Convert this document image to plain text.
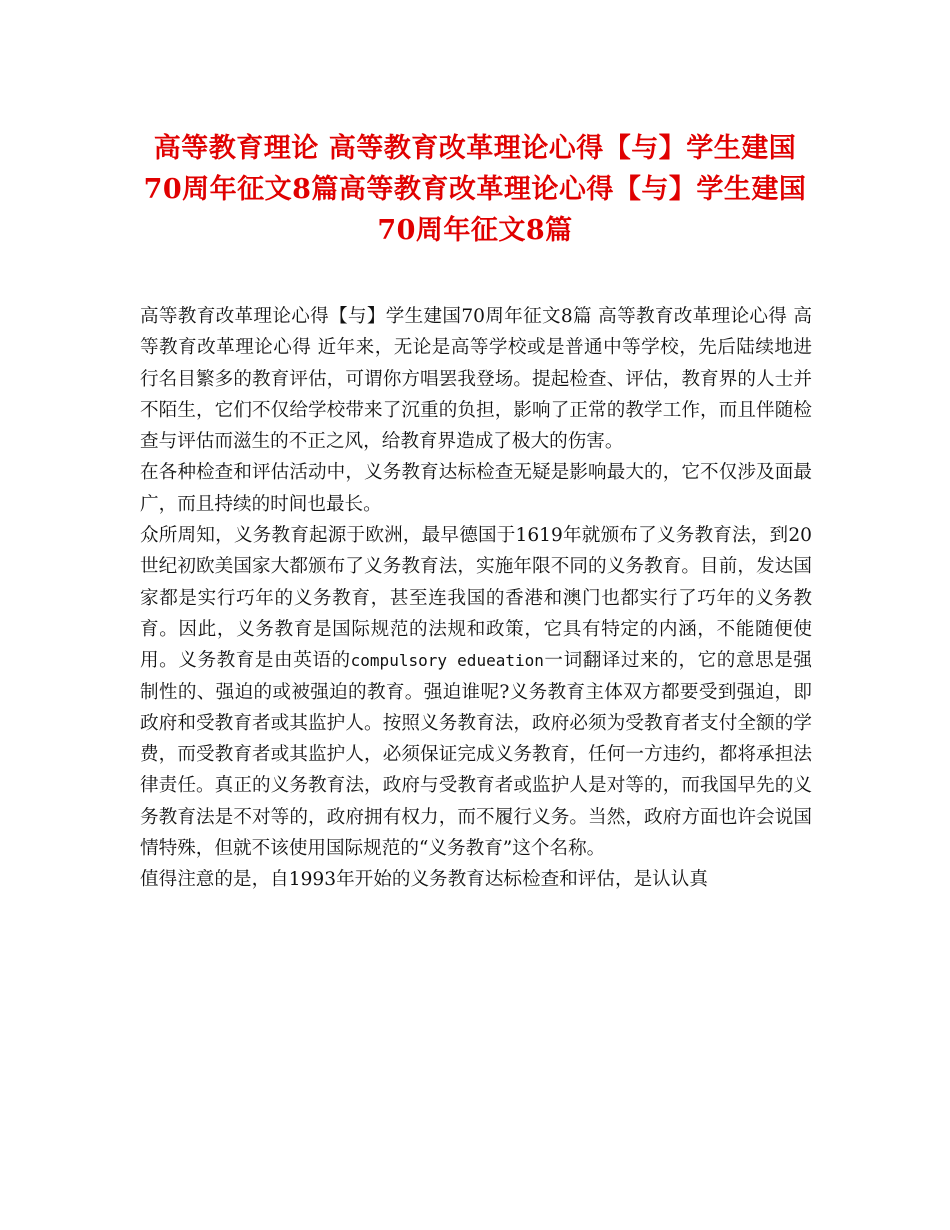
高等教育理论 高等教育改革理论心得【与】学生建国70周年征文8篇高等教育改革理论心得【与】学生建国70周年征文8篇

高等教育改革理论心得【与】学生建国70周年征文8篇 高等教育改革理论心得 高等教育改革理论心得 近年来，无论是高等学校或是普通中等学校，先后陆续地进行名目繁多的教育评估，可谓你方唱罢我登场。提起检查、评估，教育界的人士并不陌生，它们不仅给学校带来了沉重的负担，影响了正常的教学工作，而且伴随检查与评估而滋生的不正之风，给教育界造成了极大的伤害。

在各种检查和评估活动中，义务教育达标检查无疑是影响最大的，它不仅涉及面最广，而且持续的时间也最长。

众所周知，义务教育起源于欧洲，最早德国于1619年就颁布了义务教育法，到20世纪初欧美国家大都颁布了义务教育法，实施年限不同的义务教育。目前，发达国家都是实行巧年的义务教育，甚至连我国的香港和澳门也都实行了巧年的义务教育。因此，义务教育是国际规范的法规和政策，它具有特定的内涵，不能随便使用。义务教育是由英语的compulsory edueation一词翻译过来的，它的意思是强制性的、强迫的或被强迫的教育。强迫谁呢?义务教育主体双方都要受到强迫，即政府和受教育者或其监护人。按照义务教育法，政府必须为受教育者支付全额的学费，而受教育者或其监护人，必须保证完成义务教育，任何一方违约，都将承担法律责任。真正的义务教育法，政府与受教育者或监护人是对等的，而我国早先的义务教育法是不对等的，政府拥有权力，而不履行义务。当然，政府方面也许会说国情特殊，但就不该使用国际规范的“义务教育”这个名称。

值得注意的是，自1993年开始的义务教育达标检查和评估，是认认真
